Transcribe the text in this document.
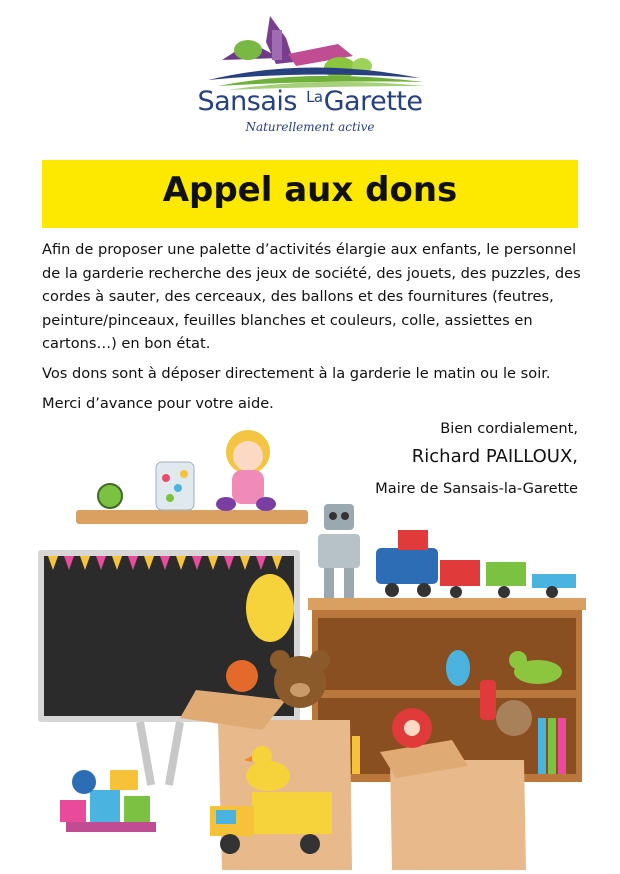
Sansais $^{La}$Garette
Naturellement active
Appel aux dons

Afin de proposer une palette d’activités élargie aux enfants, le personnel de la garderie recherche des jeux de société, des jouets, des puzzles, des cordes à sauter, des cerceaux, des ballons et des fournitures (feutres, peinture/pinceaux, feuilles blanches et couleurs, colle, assiettes en cartons…) en bon état.

Vos dons sont à déposer directement à la garderie le matin ou le soir.

Merci d’avance pour votre aide.

Bien cordialement,
Richard PAILLOUX,
Maire de Sansais-la-Garette
